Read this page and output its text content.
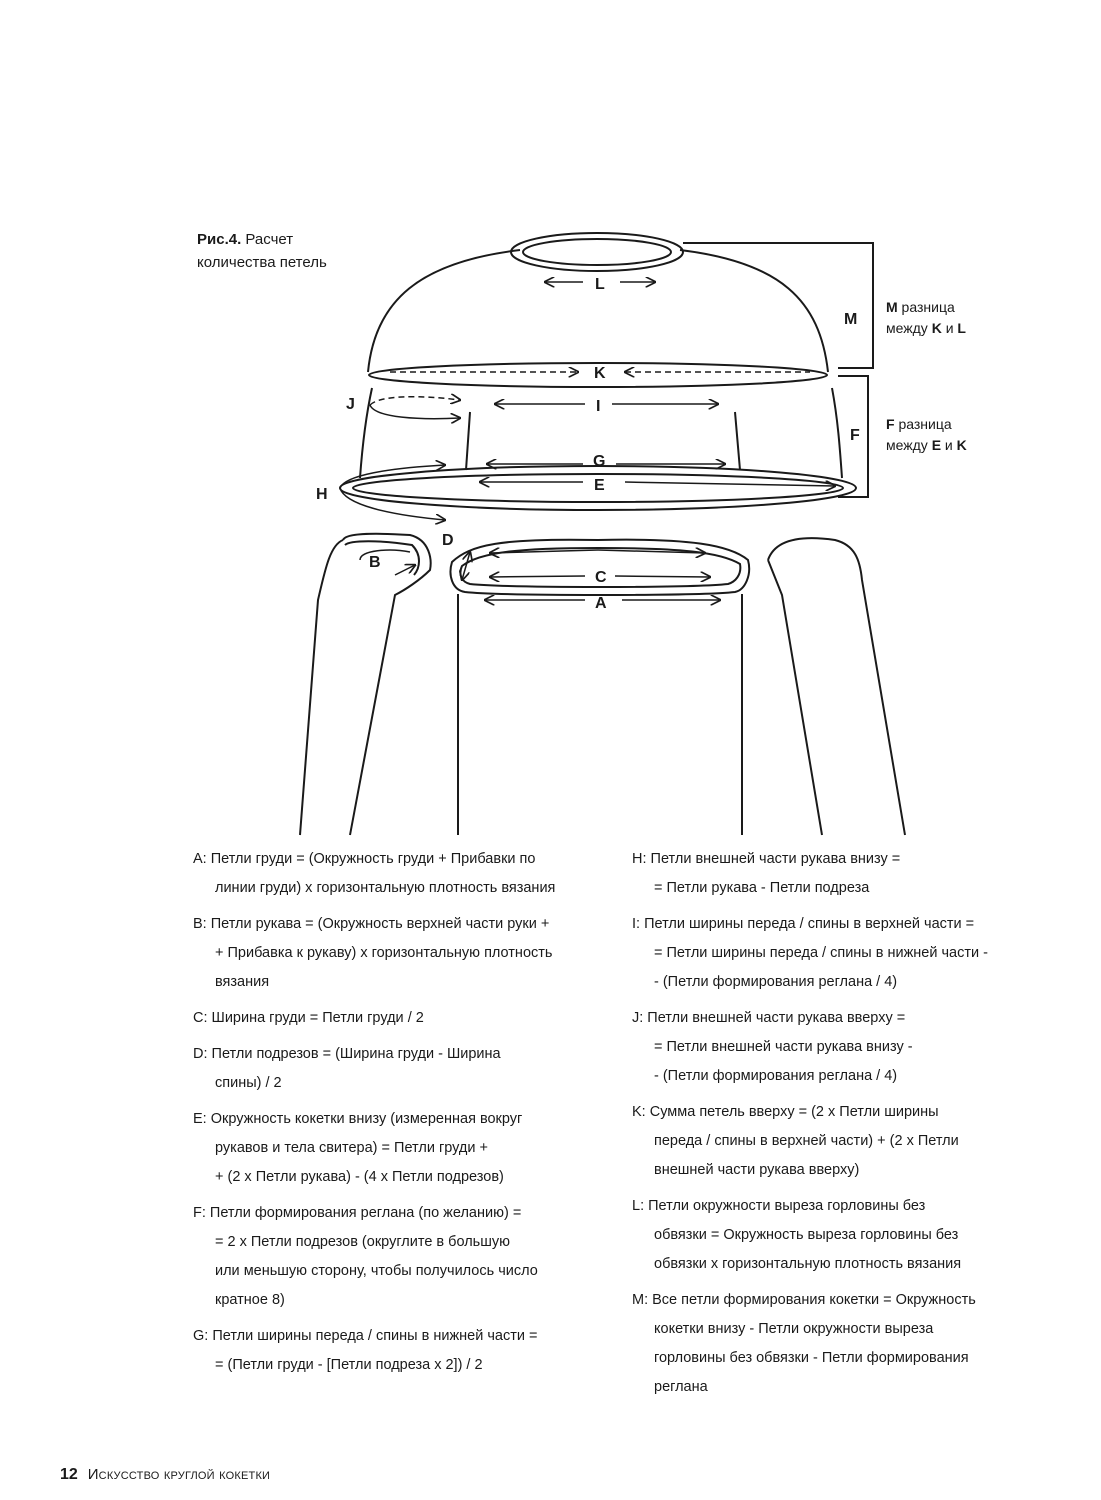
L
M
K
J	I
F
G
E
H
D
B
C
A
Рис.4. Расчет
количества петель
M разница
между K и L
F разница
между E и K
A: Петли груди = (Окружность груди + Прибавки по
линии груди) x горизонтальную плотность вязания
B: Петли рукава = (Окружность верхней части руки +
+ Прибавка к рукаву) x горизонтальную плотность
вязания
C: Ширина груди = Петли груди / 2
D: Петли подрезов = (Ширина груди - Ширина
спины) / 2
E: Окружность кокетки внизу (измеренная вокруг
рукавов и тела свитера) = Петли груди +
+ (2 x Петли рукава) - (4 x Петли подрезов)
F: Петли формирования реглана (по желанию) =
= 2 x Петли подрезов (округлите в большую
или меньшую сторону, чтобы получилось число
кратное 8)
G: Петли ширины переда / спины в нижней части =
= (Петли груди - [Петли подреза x 2]) / 2
H: Петли внешней части рукава внизу =
= Петли рукава - Петли подреза
I: Петли ширины переда / спины в верхней части =
= Петли ширины переда / спины в нижней части -
- (Петли формирования реглана / 4)
J: Петли внешней части рукава вверху =
= Петли внешней части рукава внизу -
- (Петли формирования реглана / 4)
K: Сумма петель вверху = (2 x Петли ширины
переда / спины в верхней части) + (2 x Петли
внешней части рукава вверху)
L: Петли окружности выреза горловины без
обвязки = Окружность выреза горловины без
обвязки x горизонтальную плотность вязания
M: Все петли формирования кокетки = Окружность
кокетки внизу - Петли окружности выреза
горловины без обвязки - Петли формирования
реглана
12 Искусство круглой кокетки
